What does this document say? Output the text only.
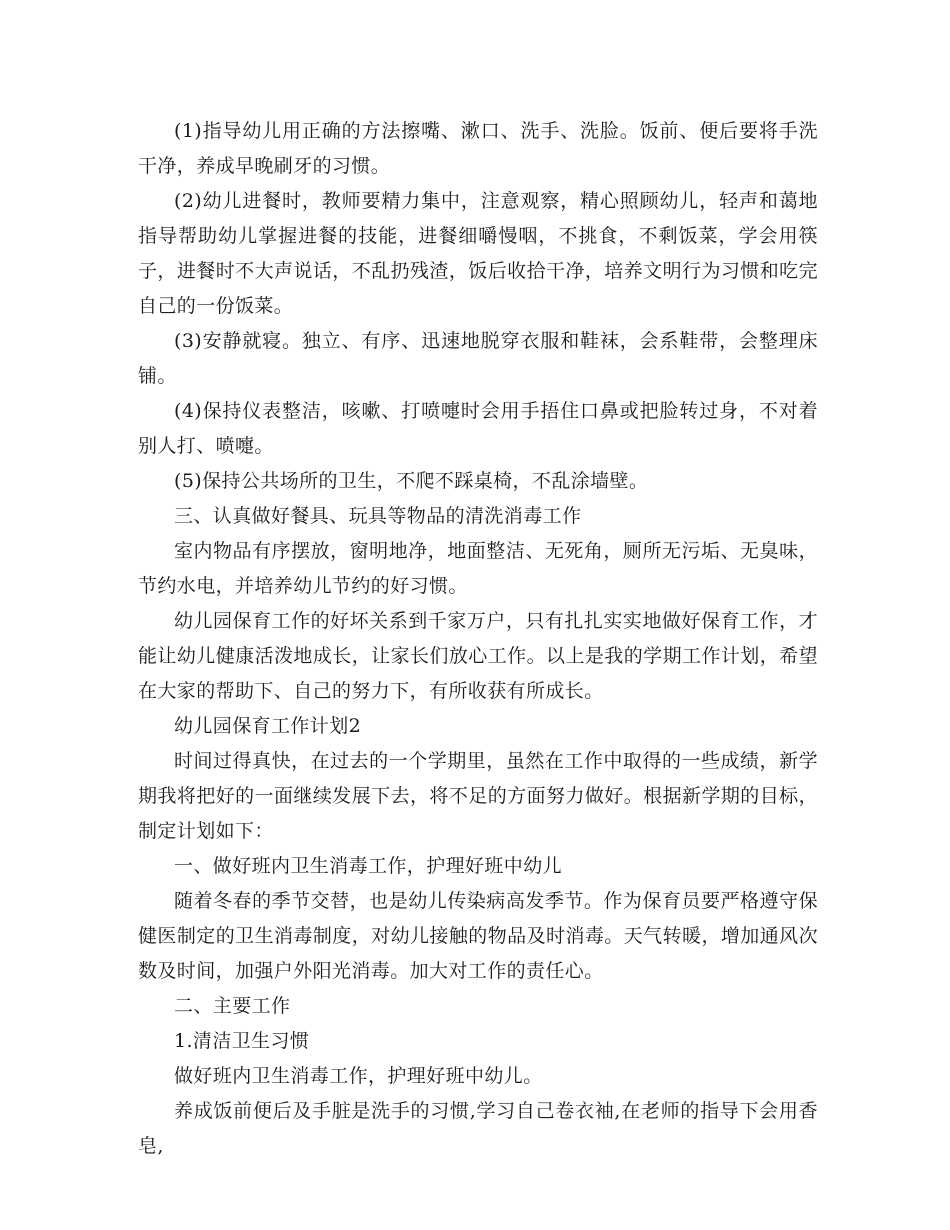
(1)指导幼儿用正确的方法擦嘴、漱口、洗手、洗脸。饭前、便后要将手洗干净，养成早晚刷牙的习惯。

(2)幼儿进餐时，教师要精力集中，注意观察，精心照顾幼儿，轻声和蔼地指导帮助幼儿掌握进餐的技能，进餐细嚼慢咽，不挑食，不剩饭菜，学会用筷子，进餐时不大声说话，不乱扔残渣，饭后收拾干净，培养文明行为习惯和吃完自己的一份饭菜。

(3)安静就寝。独立、有序、迅速地脱穿衣服和鞋袜，会系鞋带，会整理床铺。

(4)保持仪表整洁，咳嗽、打喷嚏时会用手捂住口鼻或把脸转过身，不对着别人打、喷嚏。

(5)保持公共场所的卫生，不爬不踩桌椅，不乱涂墙壁。

三、认真做好餐具、玩具等物品的清洗消毒工作

室内物品有序摆放，窗明地净，地面整洁、无死角，厕所无污垢、无臭味，节约水电，并培养幼儿节约的好习惯。

幼儿园保育工作的好坏关系到千家万户，只有扎扎实实地做好保育工作，才能让幼儿健康活泼地成长，让家长们放心工作。以上是我的学期工作计划，希望在大家的帮助下、自己的努力下，有所收获有所成长。

幼儿园保育工作计划2

时间过得真快，在过去的一个学期里，虽然在工作中取得的一些成绩，新学期我将把好的一面继续发展下去，将不足的方面努力做好。根据新学期的目标，制定计划如下：

一、做好班内卫生消毒工作，护理好班中幼儿

随着冬春的季节交替，也是幼儿传染病高发季节。作为保育员要严格遵守保健医制定的卫生消毒制度，对幼儿接触的物品及时消毒。天气转暖，增加通风次数及时间，加强户外阳光消毒。加大对工作的责任心。

二、主要工作

1.清洁卫生习惯

做好班内卫生消毒工作，护理好班中幼儿。

养成饭前便后及手脏是洗手的习惯,学习自己卷衣袖,在老师的指导下会用香皂,
